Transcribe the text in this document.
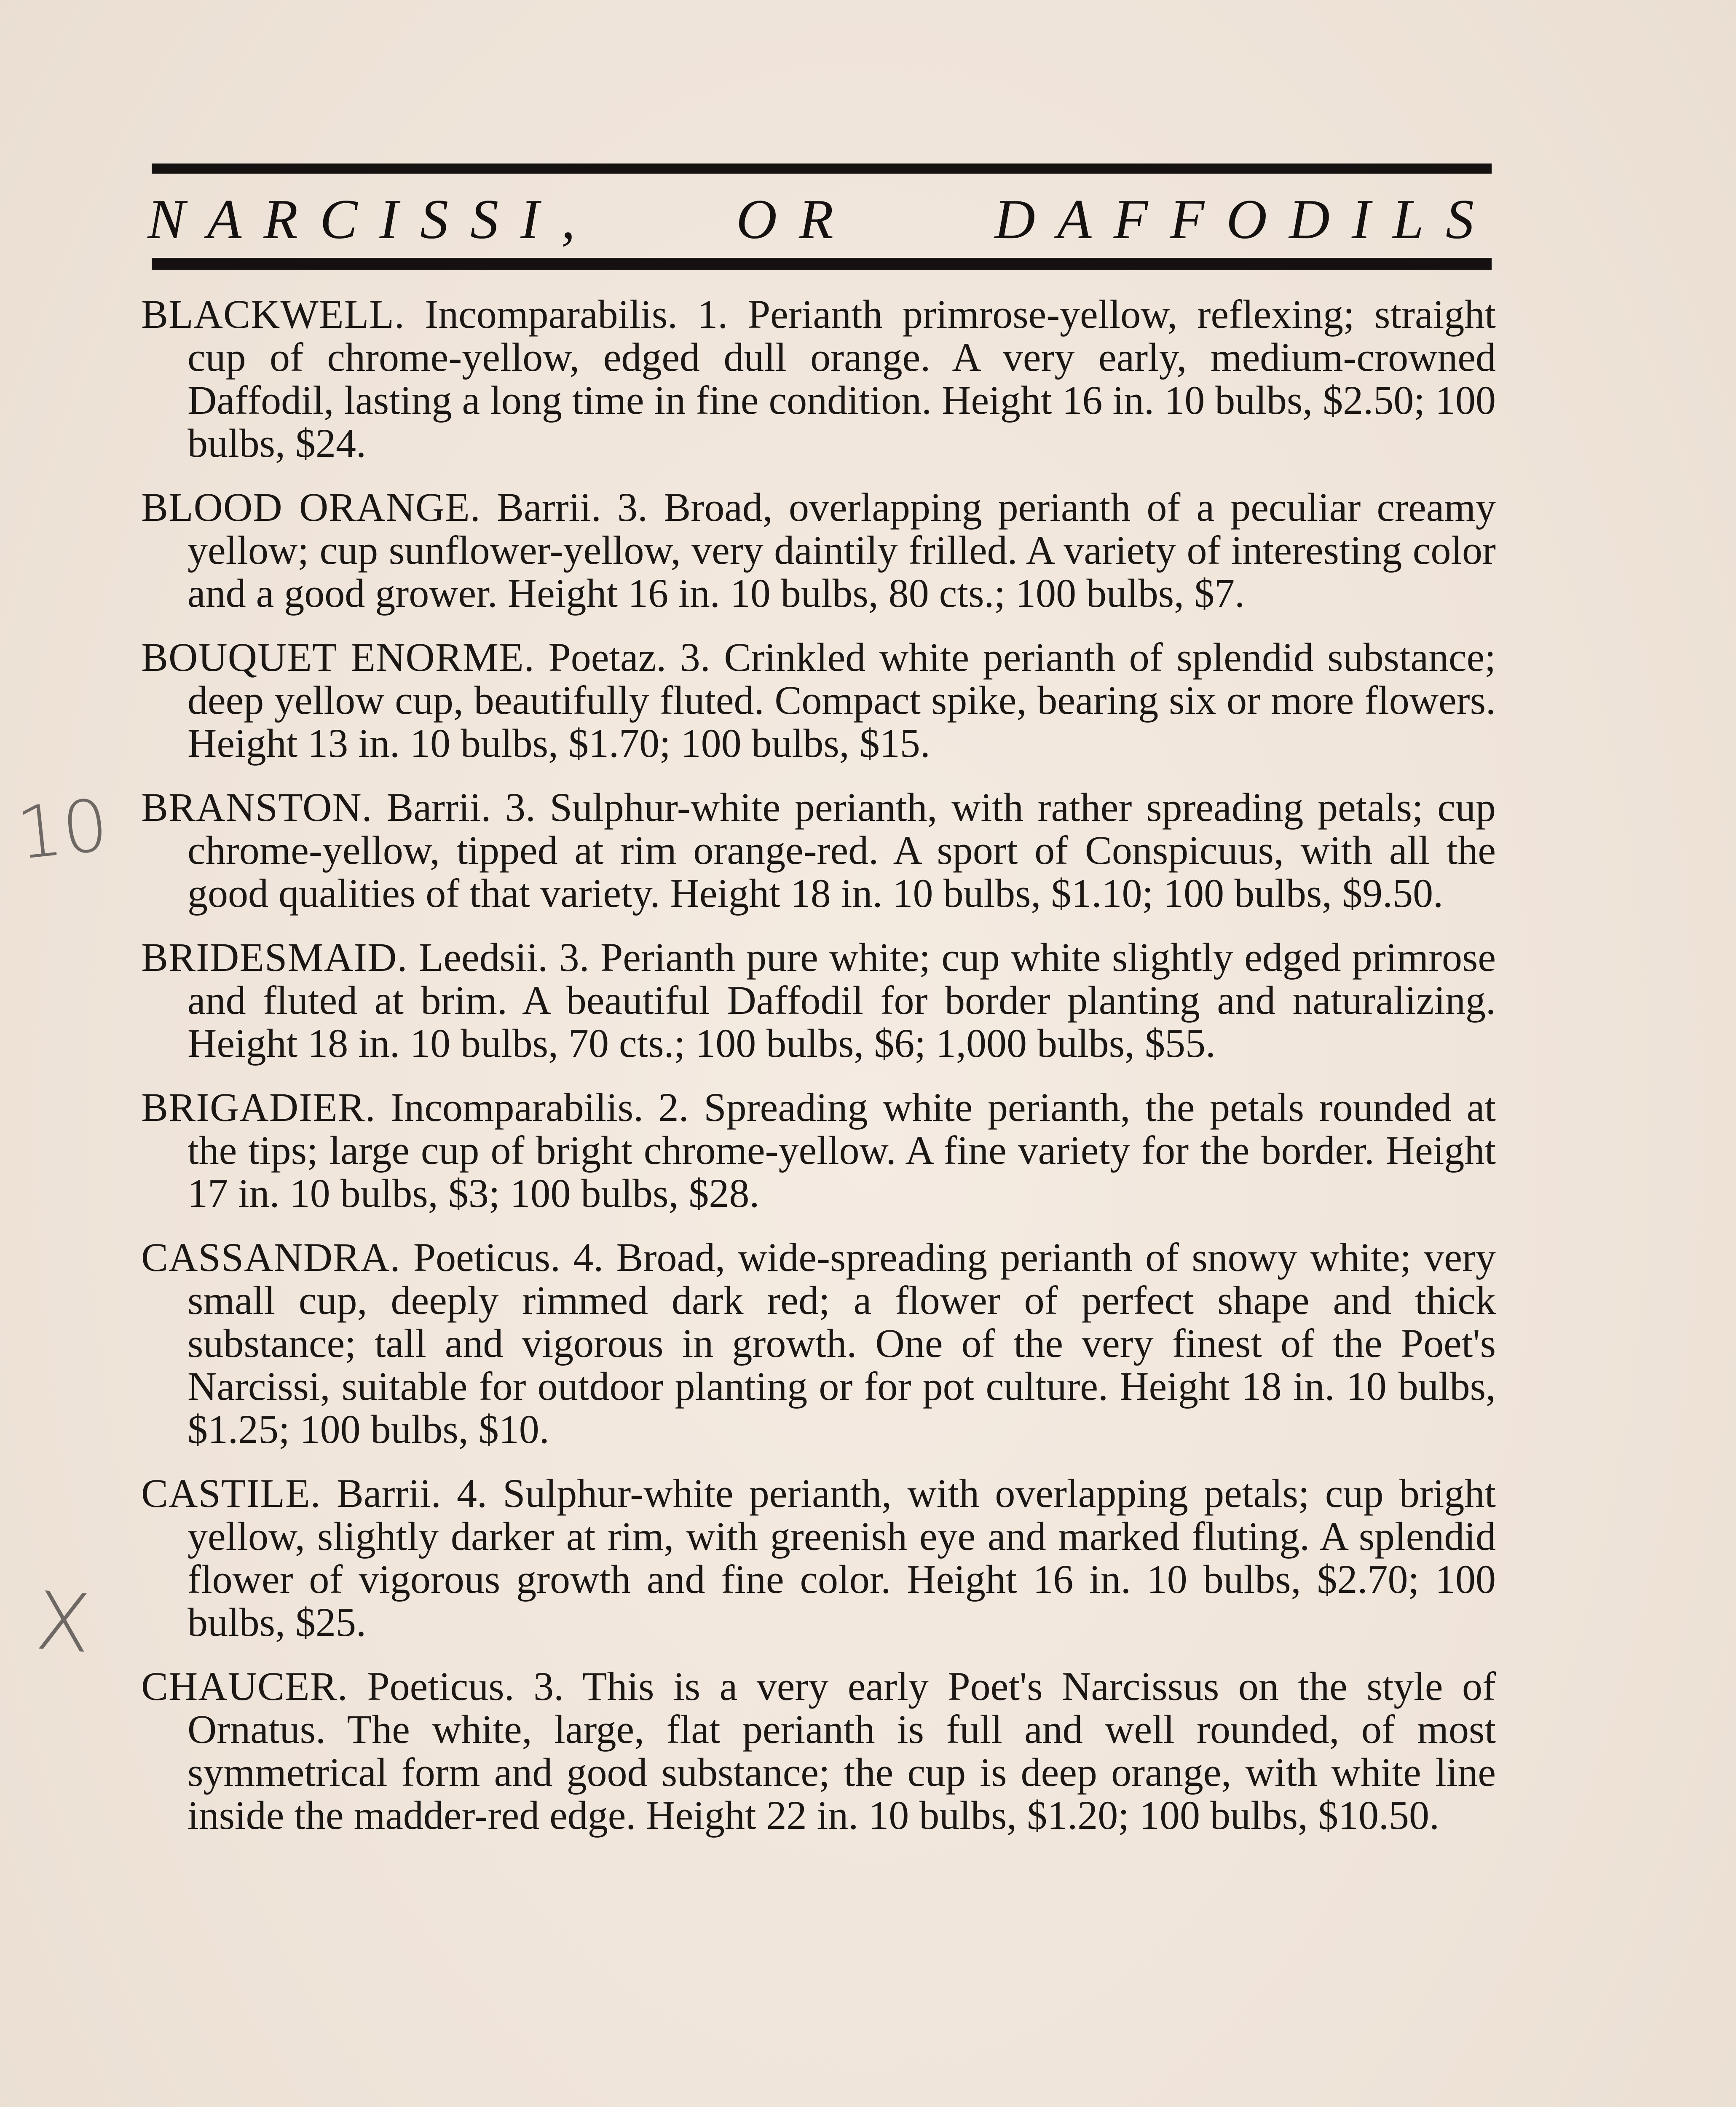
NARCISSI, OR DAFFODILS

BLACKWELL. Incomparabilis. 1. Perianth primrose-yellow, reflexing; straight cup of chrome-yellow, edged dull orange. A very early, medium-crowned Daffodil, lasting a long time in fine condition. Height 16 in. 10 bulbs, $2.50; 100 bulbs, $24.

BLOOD ORANGE. Barrii. 3. Broad, overlapping perianth of a peculiar creamy yellow; cup sunflower-yellow, very daintily frilled. A variety of interesting color and a good grower. Height 16 in. 10 bulbs, 80 cts.; 100 bulbs, $7.

BOUQUET ENORME. Poetaz. 3. Crinkled white perianth of splendid substance; deep yellow cup, beautifully fluted. Compact spike, bearing six or more flowers. Height 13 in. 10 bulbs, $1.70; 100 bulbs, $15.

BRANSTON. Barrii. 3. Sulphur-white perianth, with rather spreading petals; cup chrome-yellow, tipped at rim orange-red. A sport of Conspicuus, with all the good qualities of that variety. Height 18 in. 10 bulbs, $1.10; 100 bulbs, $9.50.

BRIDESMAID. Leedsii. 3. Perianth pure white; cup white slightly edged primrose and fluted at brim. A beautiful Daffodil for border planting and naturalizing. Height 18 in. 10 bulbs, 70 cts.; 100 bulbs, $6; 1,000 bulbs, $55.

BRIGADIER. Incomparabilis. 2. Spreading white perianth, the petals rounded at the tips; large cup of bright chrome-yellow. A fine variety for the border. Height 17 in. 10 bulbs, $3; 100 bulbs, $28.

CASSANDRA. Poeticus. 4. Broad, wide-spreading perianth of snowy white; very small cup, deeply rimmed dark red; a flower of perfect shape and thick substance; tall and vigorous in growth. One of the very finest of the Poet's Narcissi, suitable for outdoor planting or for pot culture. Height 18 in. 10 bulbs, $1.25; 100 bulbs, $10.

CASTILE. Barrii. 4. Sulphur-white perianth, with overlapping petals; cup bright yellow, slightly darker at rim, with greenish eye and marked fluting. A splendid flower of vigorous growth and fine color. Height 16 in. 10 bulbs, $2.70; 100 bulbs, $25.

CHAUCER. Poeticus. 3. This is a very early Poet's Narcissus on the style of Ornatus. The white, large, flat perianth is full and well rounded, of most symmetrical form and good substance; the cup is deep orange, with white line inside the madder-red edge. Height 22 in. 10 bulbs, $1.20; 100 bulbs, $10.50.

10
X
